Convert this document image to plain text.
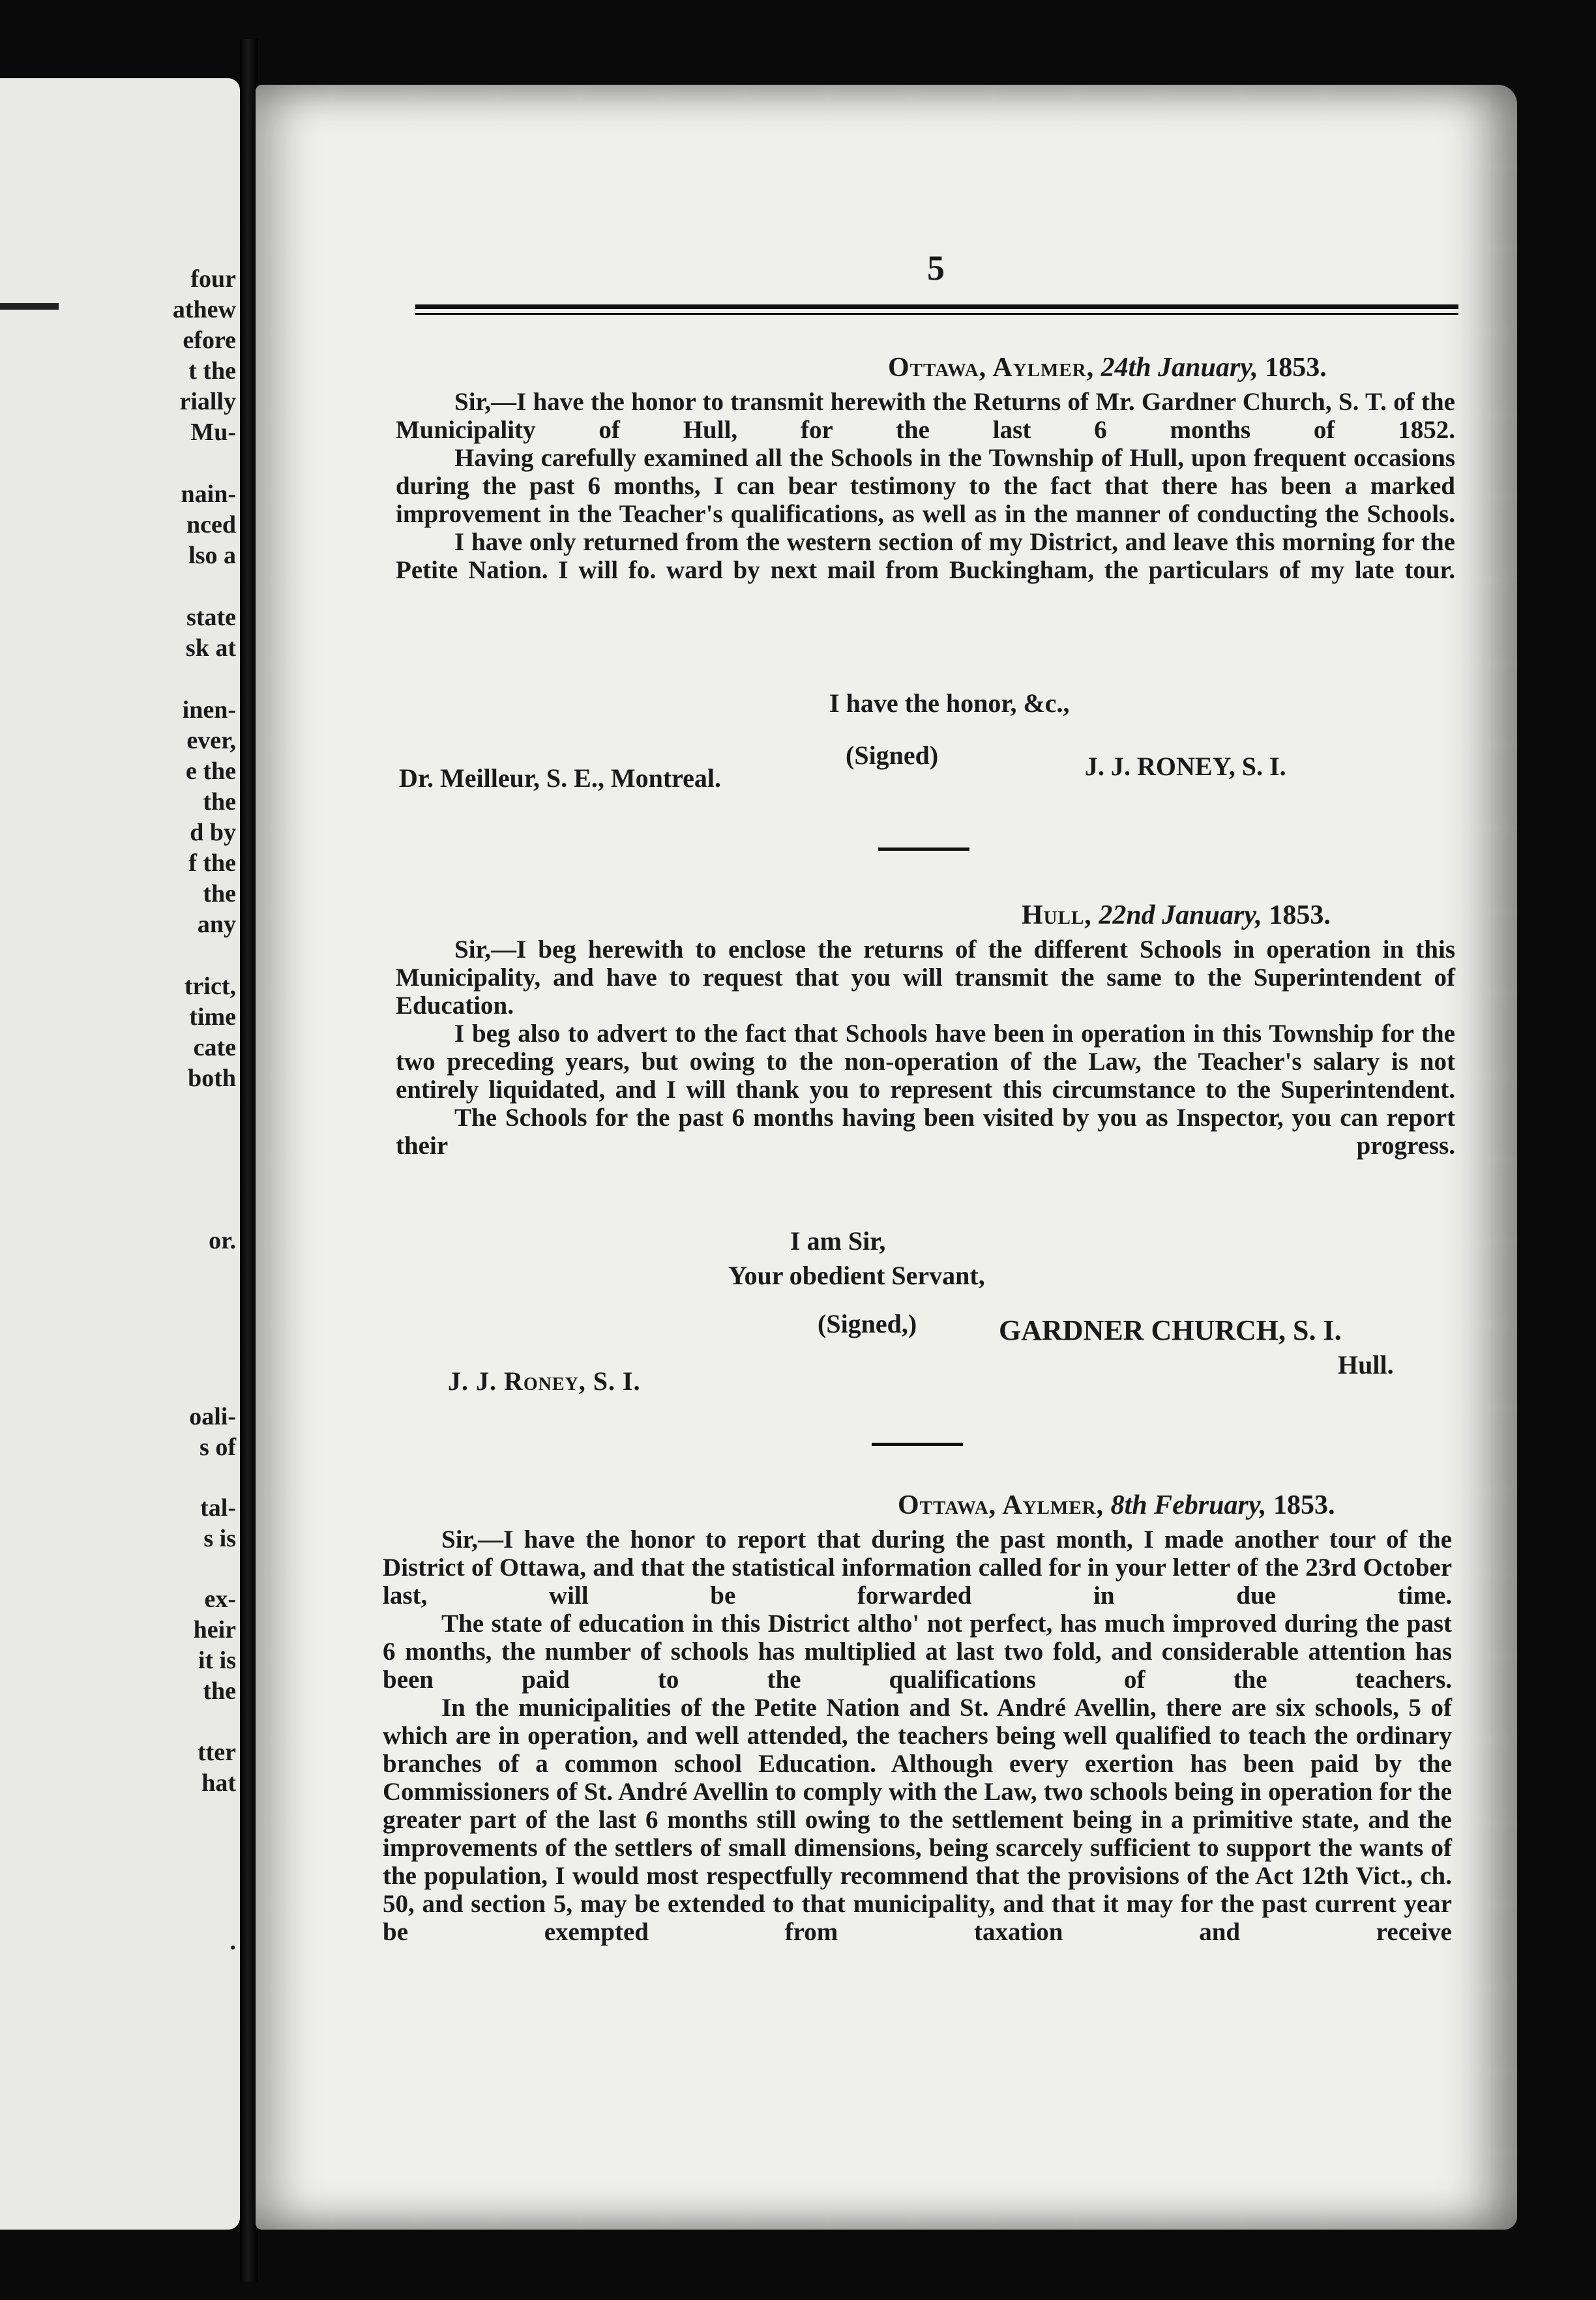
four
athew
efore
t the
rially
Mu-
nain-
nced
lso a
state
sk at
inen-
ever,
e the
the
d by
f the
the
any
trict,
time
cate
both
or.
oali-
s of
tal-
s is
ex-
heir
it is
the
tter
hat
.
5
Ottawa, Aylmer, 24th January, 1853.

Sir,—I have the honor to transmit herewith the Returns of Mr. Gardner Church, S. T. of the Municipality of Hull, for the last 6 months of 1852.

Having carefully examined all the Schools in the Township of Hull, upon frequent occasions during the past 6 months, I can bear testimony to the fact that there has been a marked improvement in the Teacher's qualifications, as well as in the manner of conducting the Schools.

I have only returned from the western section of my District, and leave this morning for the Petite Nation. I will fo. ward by next mail from Buckingham, the particulars of my late tour.

I have the honor, &c.,
(Signed)	J. J. RONEY, S. I.
Dr. Meilleur, S. E., Montreal.
Hull, 22nd January, 1853.

Sir,—I beg herewith to enclose the returns of the different Schools in operation in this Municipality, and have to request that you will transmit the same to the Superintendent of Education.

I beg also to advert to the fact that Schools have been in operation in this Township for the two preceding years, but owing to the non-operation of the Law, the Teacher's salary is not entirely liquidated, and I will thank you to represent this circumstance to the Superintendent.

The Schools for the past 6 months having been visited by you as Inspector, you can report their progress.

I am Sir,
Your obedient Servant,
(Signed,)	GARDNER CHURCH, S. I.
Hull.
J. J. Roney, S. I.
Ottawa, Aylmer, 8th February, 1853.

Sir,—I have the honor to report that during the past month, I made another tour of the District of Ottawa, and that the statistical information called for in your letter of the 23rd October last, will be forwarded in due time.

The state of education in this District altho' not perfect, has much improved during the past 6 months, the number of schools has multiplied at last two fold, and considerable attention has been paid to the qualifications of the teachers.

In the municipalities of the Petite Nation and St. André Avellin, there are six schools, 5 of which are in operation, and well attended, the teachers being well qualified to teach the ordinary branches of a common school Education. Although every exertion has been paid by the Commissioners of St. André Avellin to comply with the Law, two schools being in operation for the greater part of the last 6 months still owing to the settlement being in a primitive state, and the improvements of the settlers of small dimensions, being scarcely sufficient to support the wants of the population, I would most respectfully recommend that the provisions of the Act 12th Vict., ch. 50, and section 5, may be extended to that municipality, and that it may for the past current year be exempted from taxation and receive
